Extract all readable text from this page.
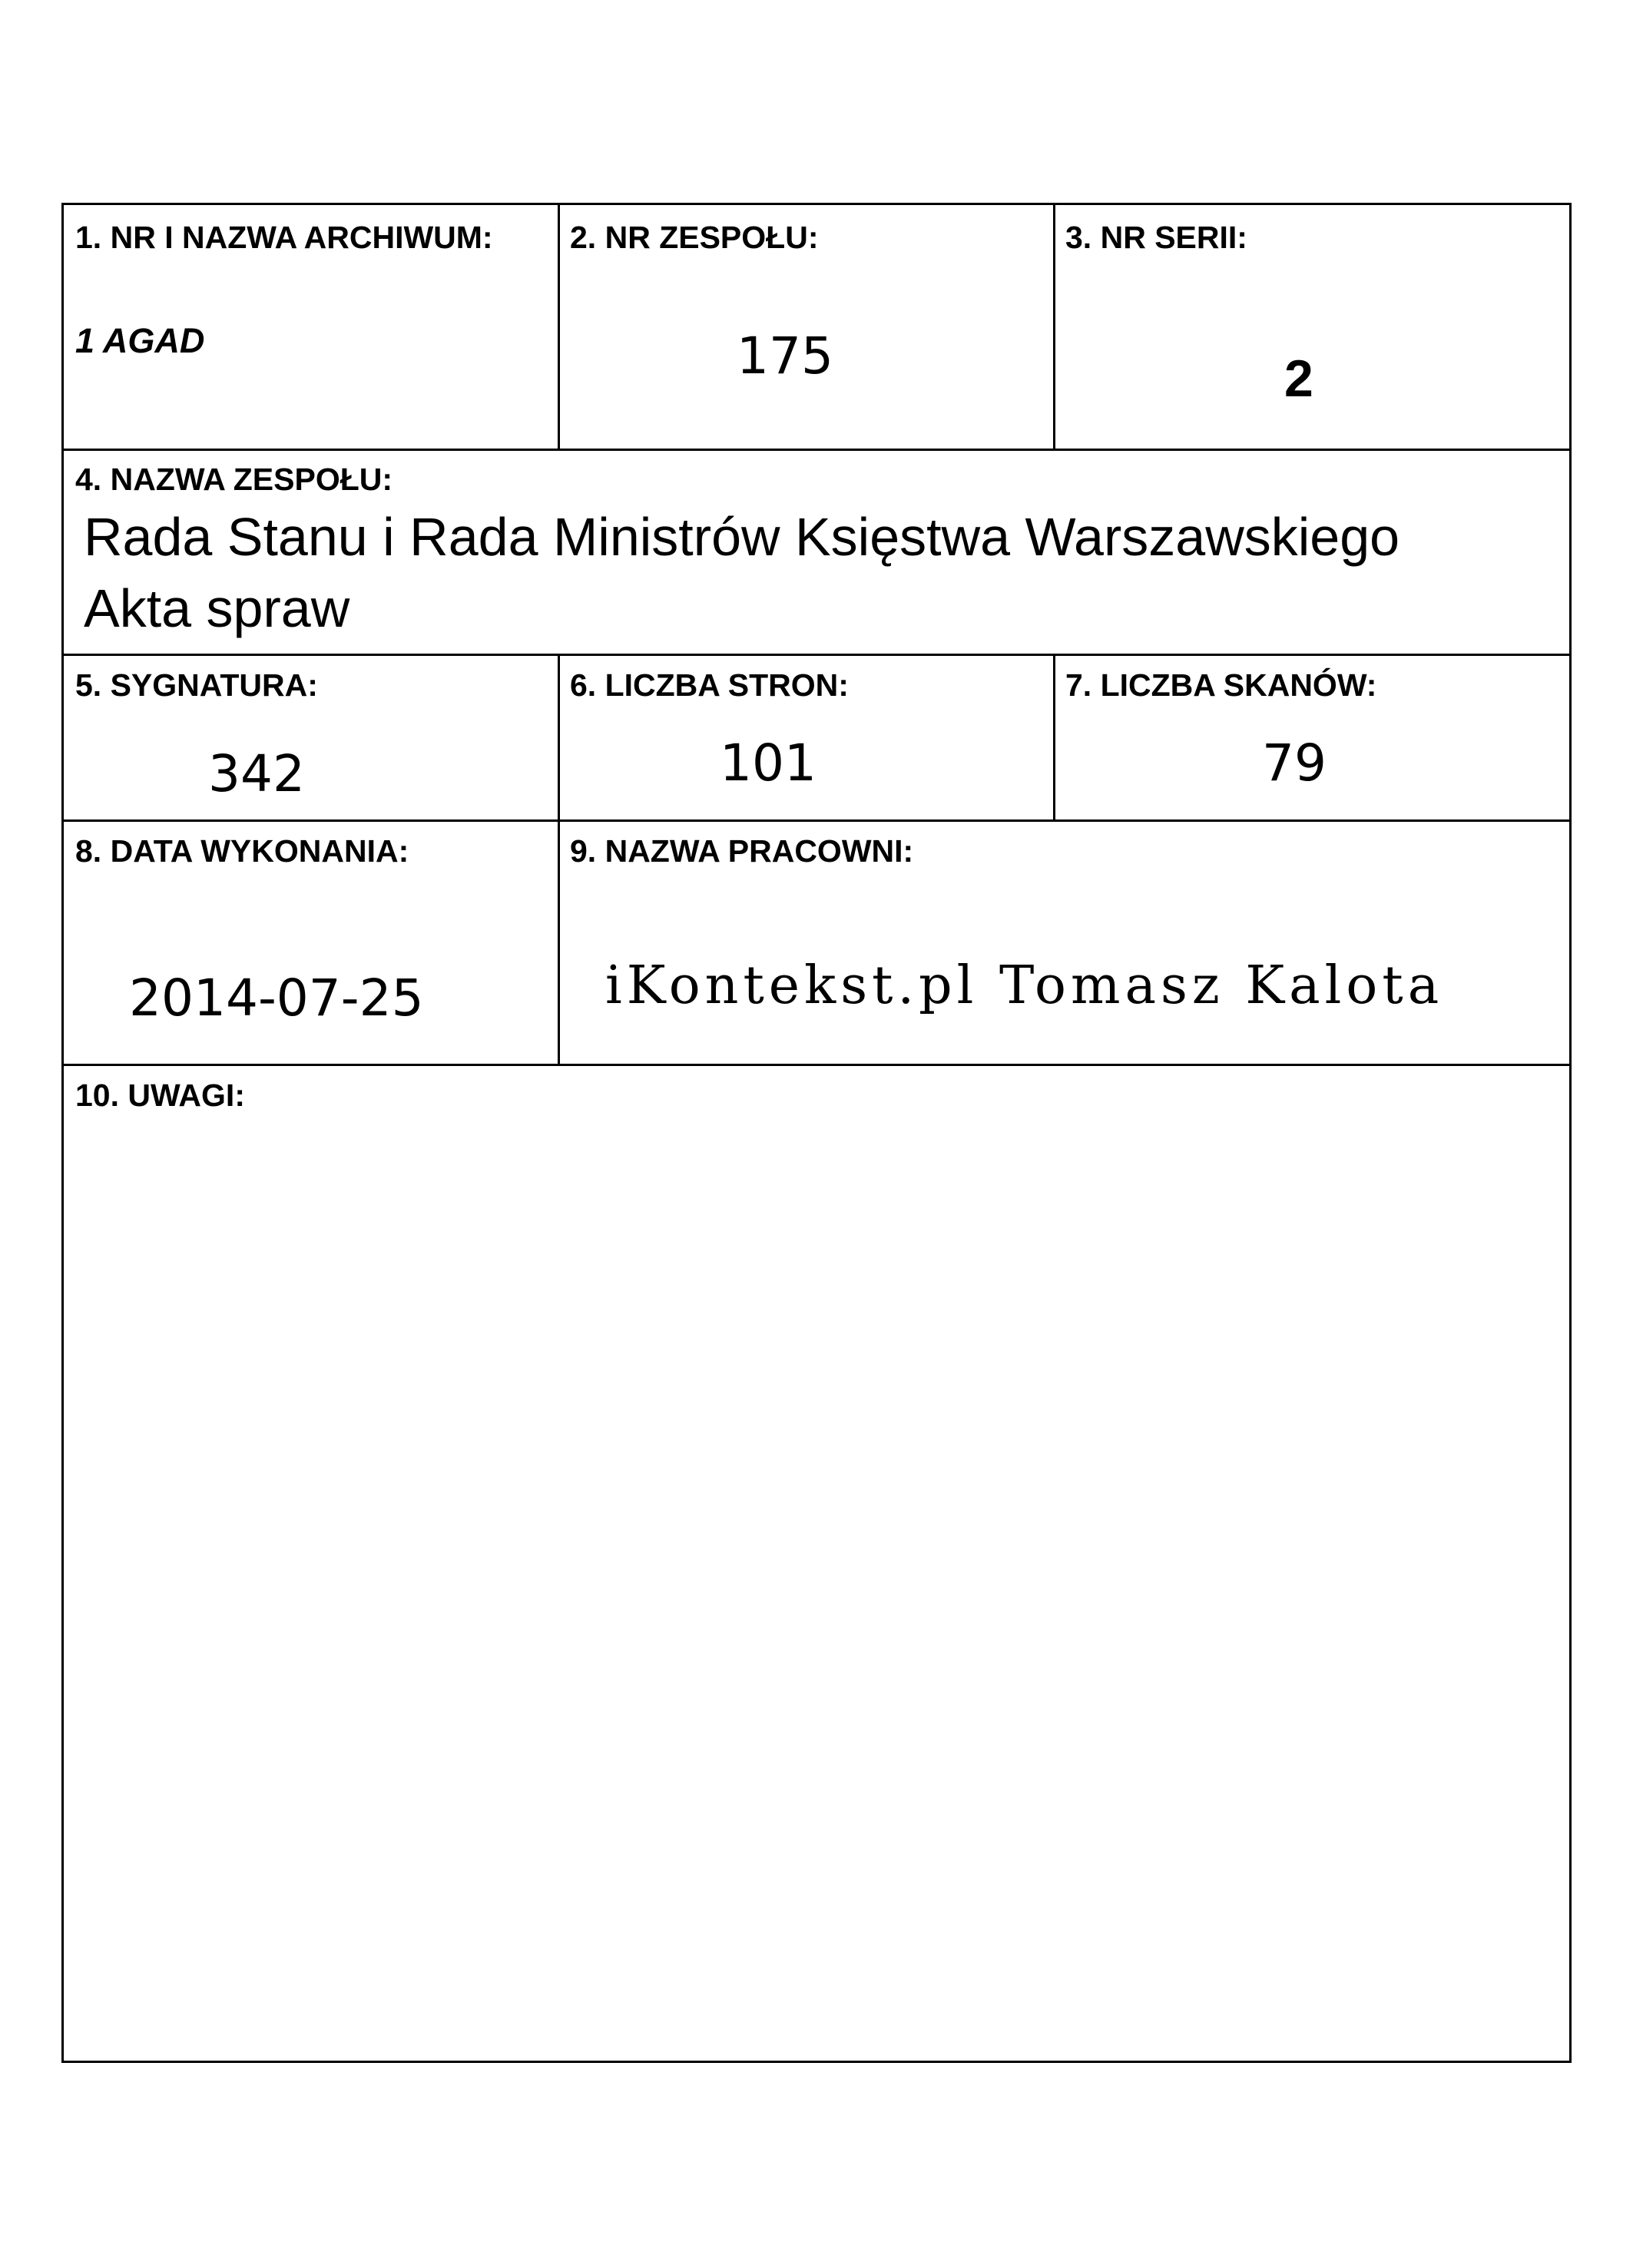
1. NR I NAZWA ARCHIWUM:
1 AGAD
2. NR ZESPOŁU:
175
3. NR SERII:
2
4. NAZWA ZESPOŁU:
Rada Stanu i Rada Ministrów Księstwa Warszawskiego
Akta spraw
5. SYGNATURA:
342
6. LICZBA STRON:
101
7. LICZBA SKANÓW:
79
8. DATA WYKONANIA:
2014-07-25
9. NAZWA PRACOWNI:
iKontekst.pl Tomasz Kalota
10. UWAGI:
